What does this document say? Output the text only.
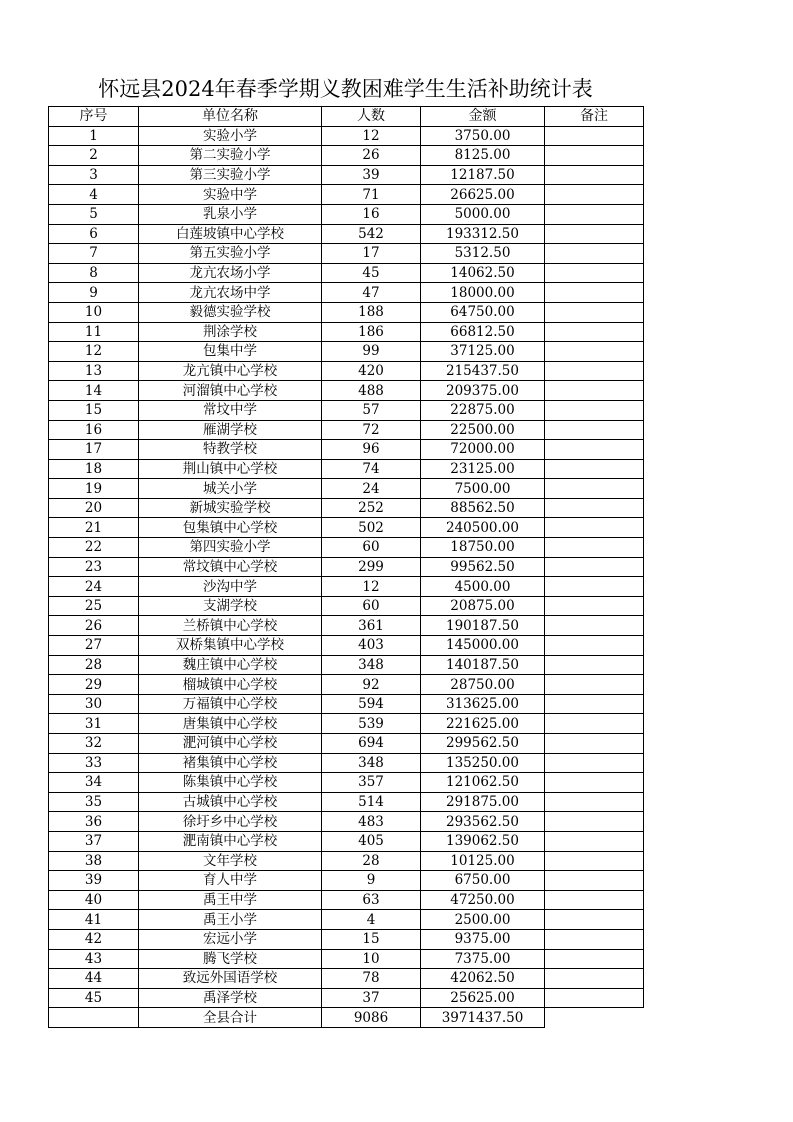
怀远县2024年春季学期义教困难学生生活补助统计表
序号	单位名称	人数	金额	备注
1	实验小学	12	3750.00	
2	第二实验小学	26	8125.00	
3	第三实验小学	39	12187.50	
4	实验中学	71	26625.00	
5	乳泉小学	16	5000.00	
6	白莲坡镇中心学校	542	193312.50	
7	第五实验小学	17	5312.50	
8	龙亢农场小学	45	14062.50	
9	龙亢农场中学	47	18000.00	
10	毅德实验学校	188	64750.00	
11	荆涂学校	186	66812.50	
12	包集中学	99	37125.00	
13	龙亢镇中心学校	420	215437.50	
14	河溜镇中心学校	488	209375.00	
15	常坟中学	57	22875.00	
16	雁湖学校	72	22500.00	
17	特教学校	96	72000.00	
18	荆山镇中心学校	74	23125.00	
19	城关小学	24	7500.00	
20	新城实验学校	252	88562.50	
21	包集镇中心学校	502	240500.00	
22	第四实验小学	60	18750.00	
23	常坟镇中心学校	299	99562.50	
24	沙沟中学	12	4500.00	
25	支湖学校	60	20875.00	
26	兰桥镇中心学校	361	190187.50	
27	双桥集镇中心学校	403	145000.00	
28	魏庄镇中心学校	348	140187.50	
29	榴城镇中心学校	92	28750.00	
30	万福镇中心学校	594	313625.00	
31	唐集镇中心学校	539	221625.00	
32	淝河镇中心学校	694	299562.50	
33	褚集镇中心学校	348	135250.00	
34	陈集镇中心学校	357	121062.50	
35	古城镇中心学校	514	291875.00	
36	徐圩乡中心学校	483	293562.50	
37	淝南镇中心学校	405	139062.50	
38	文年学校	28	10125.00	
39	育人中学	9	6750.00	
40	禹王中学	63	47250.00	
41	禹王小学	4	2500.00	
42	宏远小学	15	9375.00	
43	腾飞学校	10	7375.00	
44	致远外国语学校	78	42062.50	
45	禹泽学校	37	25625.00	
	全县合计	9086	3971437.50	
